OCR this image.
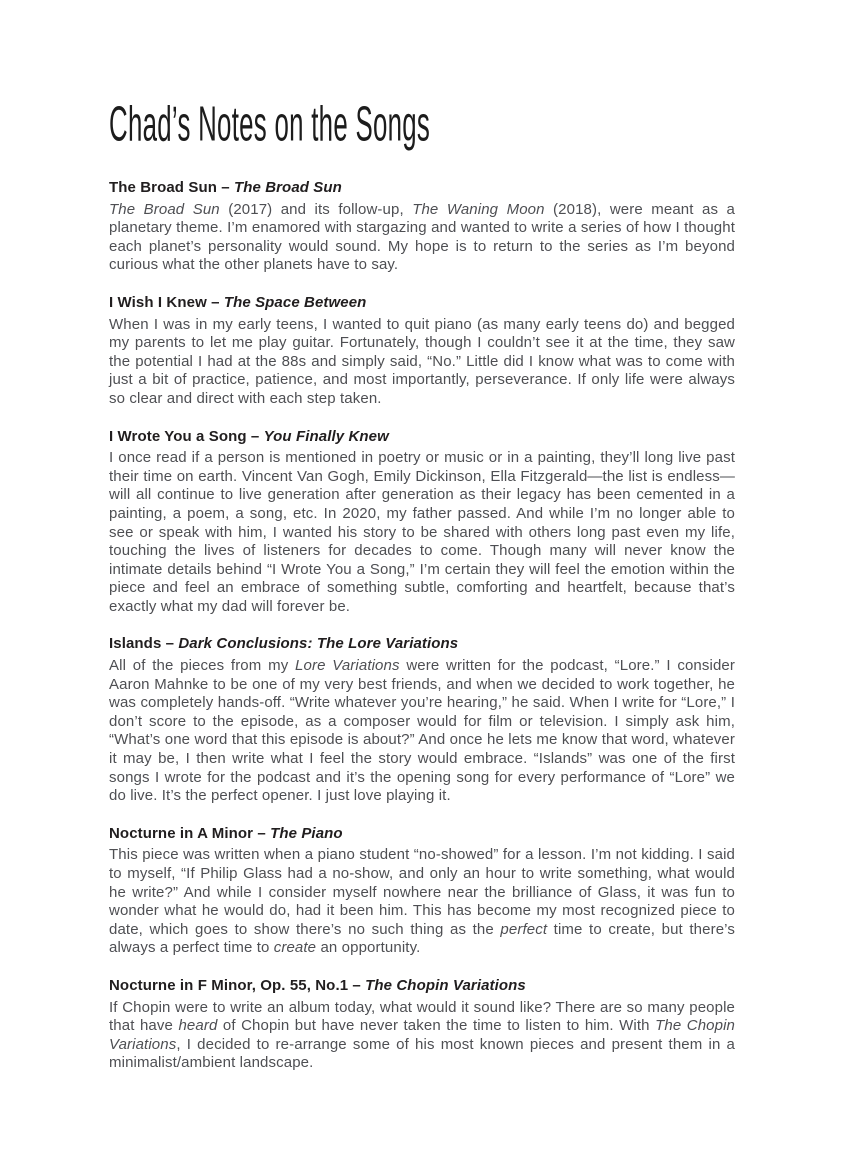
Chad’s Notes on the Songs
The Broad Sun – The Broad Sun

The Broad Sun (2017) and its follow-up, The Waning Moon (2018), were meant as a planetary theme. I’m enamored with stargazing and wanted to write a series of how I thought each planet’s personality would sound. My hope is to return to the series as I’m beyond curious what the other planets have to say.

I Wish I Knew – The Space Between

When I was in my early teens, I wanted to quit piano (as many early teens do) and begged my parents to let me play guitar. Fortunately, though I couldn’t see it at the time, they saw the potential I had at the 88s and simply said, “No.” Little did I know what was to come with just a bit of practice, patience, and most importantly, perseverance. If only life were always so clear and direct with each step taken.

I Wrote You a Song – You Finally Knew

I once read if a person is mentioned in poetry or music or in a painting, they’ll long live past their time on earth. Vincent Van Gogh, Emily Dickinson, Ella Fitzgerald—the list is endless—will all continue to live generation after generation as their legacy has been cemented in a painting, a poem, a song, etc. In 2020, my father passed. And while I’m no longer able to see or speak with him, I wanted his story to be shared with others long past even my life, touching the lives of listeners for decades to come. Though many will never know the intimate details behind “I Wrote You a Song,” I’m certain they will feel the emotion within the piece and feel an embrace of something subtle, comforting and heartfelt, because that’s exactly what my dad will forever be.

Islands – Dark Conclusions: The Lore Variations

All of the pieces from my Lore Variations were written for the podcast, “Lore.” I consider Aaron Mahnke to be one of my very best friends, and when we decided to work together, he was completely hands-off. “Write whatever you’re hearing,” he said. When I write for “Lore,” I don’t score to the episode, as a composer would for film or television. I simply ask him, “What’s one word that this episode is about?” And once he lets me know that word, whatever it may be, I then write what I feel the story would embrace. “Islands” was one of the first songs I wrote for the podcast and it’s the opening song for every performance of “Lore” we do live. It’s the perfect opener. I just love playing it.

Nocturne in A Minor – The Piano

This piece was written when a piano student “no-showed” for a lesson. I’m not kidding. I said to myself, “If Philip Glass had a no-show, and only an hour to write something, what would he write?” And while I consider myself nowhere near the brilliance of Glass, it was fun to wonder what he would do, had it been him. This has become my most recognized piece to date, which goes to show there’s no such thing as the perfect time to create, but there’s always a perfect time to create an opportunity.

Nocturne in F Minor, Op. 55, No.1 – The Chopin Variations

If Chopin were to write an album today, what would it sound like? There are so many people that have heard of Chopin but have never taken the time to listen to him. With The Chopin Variations, I decided to re-arrange some of his most known pieces and present them in a minimalist/ambient landscape.
